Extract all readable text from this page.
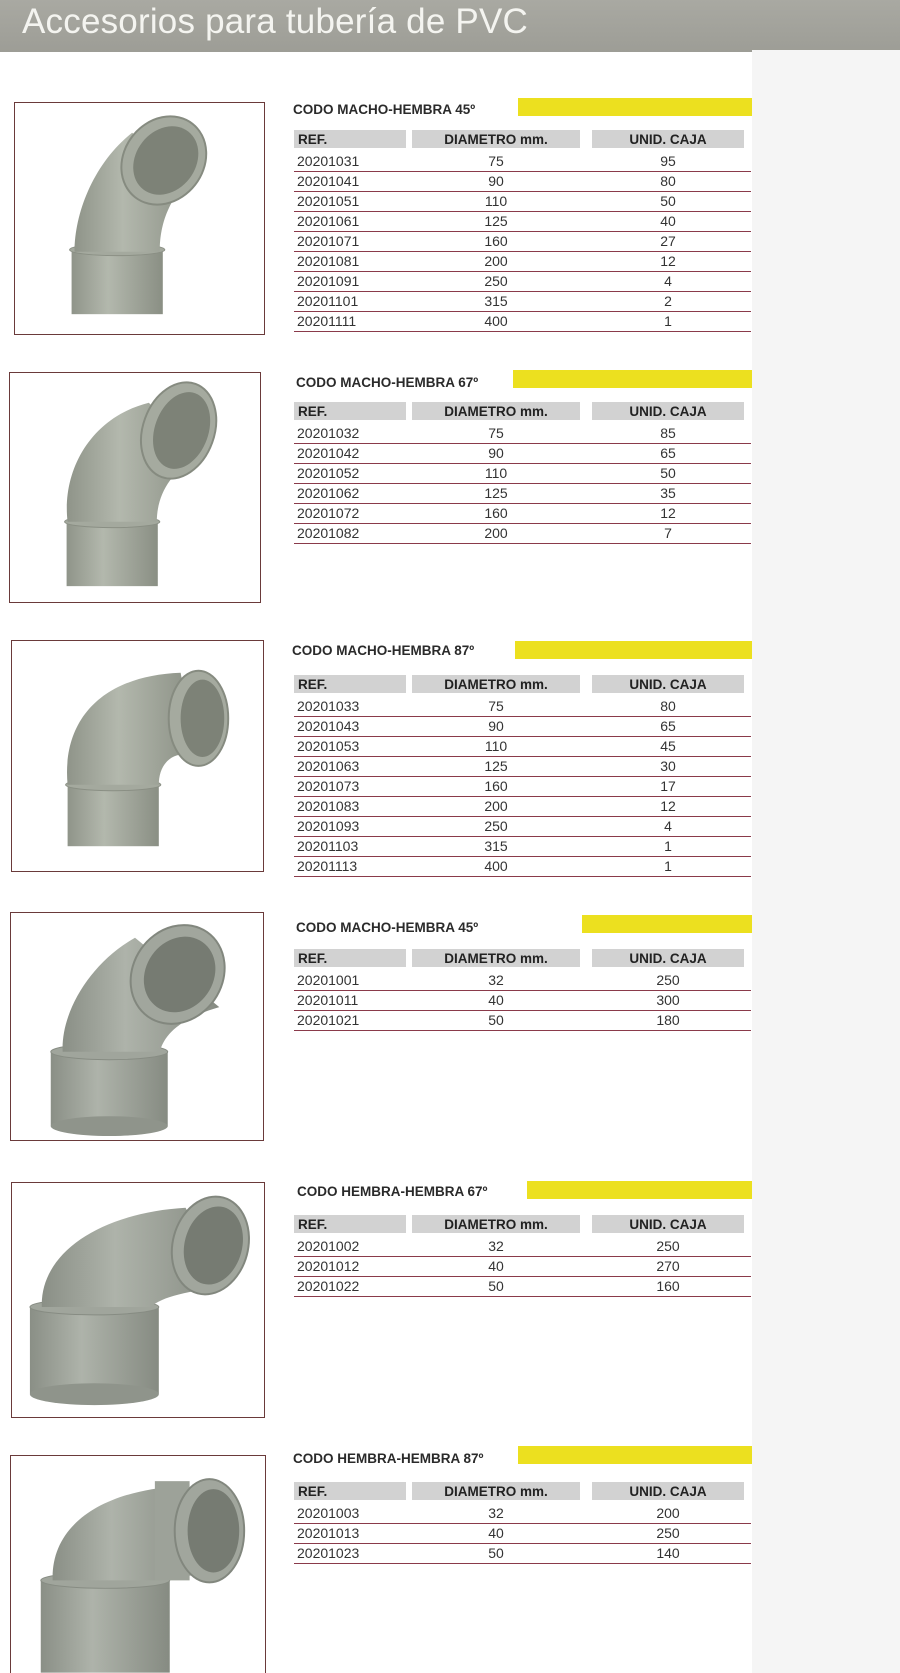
Accesorios para tubería de PVC
CODO MACHO-HEMBRA 45º
REF.		DIAMETRO mm.		UNID. CAJA	
20201031		75		95	
20201041		90		80	
20201051		110		50	
20201061		125		40	
20201071		160		27	
20201081		200		12	
20201091		250		4	
20201101		315		2	
20201111		400		1	
CODO MACHO-HEMBRA 67º
REF.		DIAMETRO mm.		UNID. CAJA	
20201032		75		85	
20201042		90		65	
20201052		110		50	
20201062		125		35	
20201072		160		12	
20201082		200		7	
CODO MACHO-HEMBRA 87º
REF.		DIAMETRO mm.		UNID. CAJA	
20201033		75		80	
20201043		90		65	
20201053		110		45	
20201063		125		30	
20201073		160		17	
20201083		200		12	
20201093		250		4	
20201103		315		1	
20201113		400		1	
CODO MACHO-HEMBRA 45º
REF.		DIAMETRO mm.		UNID. CAJA	
20201001		32		250	
20201011		40		300	
20201021		50		180	
CODO HEMBRA-HEMBRA 67º
REF.		DIAMETRO mm.		UNID. CAJA	
20201002		32		250	
20201012		40		270	
20201022		50		160	
CODO HEMBRA-HEMBRA 87º
REF.		DIAMETRO mm.		UNID. CAJA	
20201003		32		200	
20201013		40		250	
20201023		50		140	
